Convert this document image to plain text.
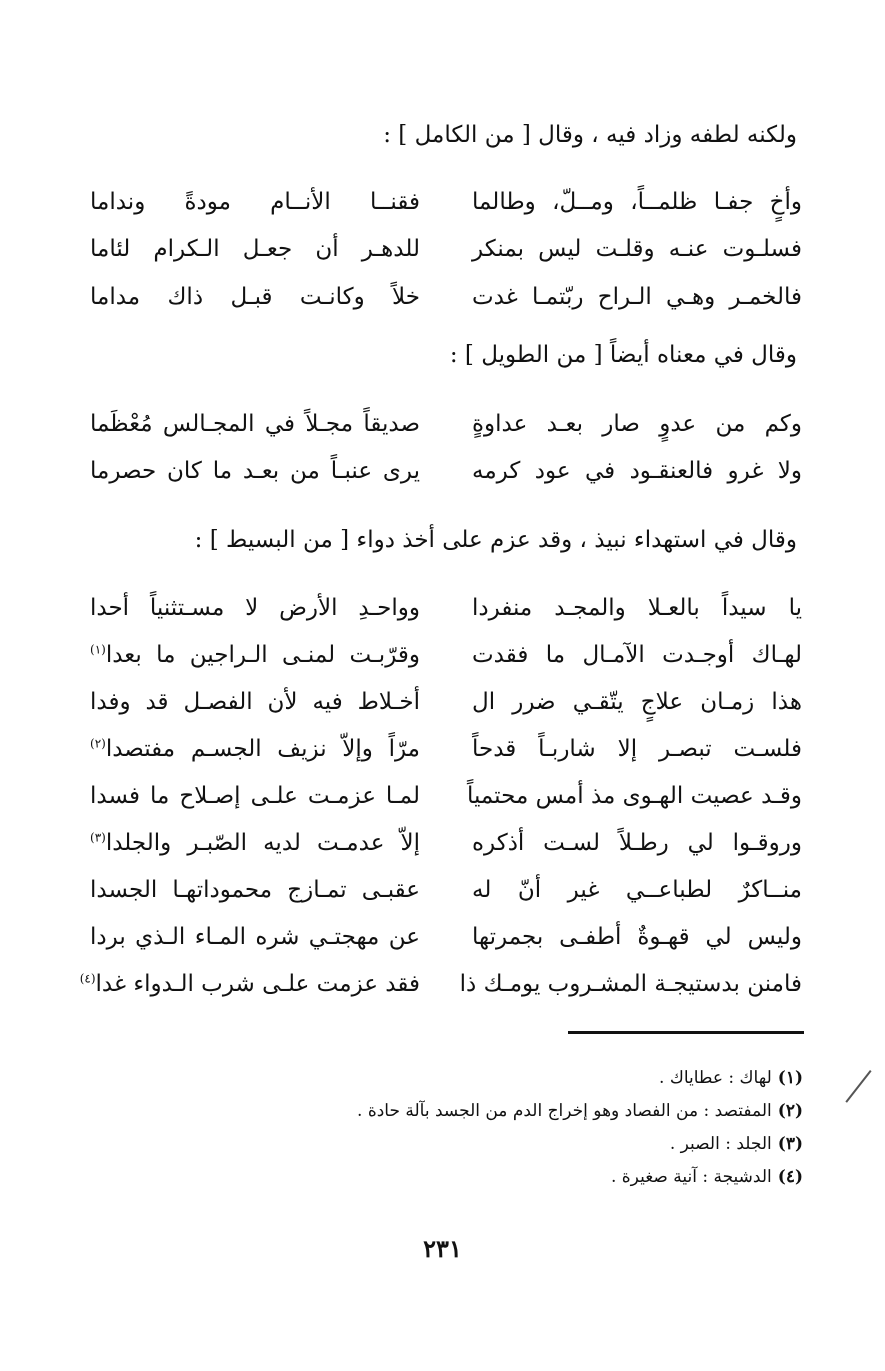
ولكنه لطفه وزاد فيه ، وقال [ من الكامل ] :
وأخٍ جفـا ظلمــاً، ومــلّ، وطالما
فقنــا الأنــام مودةً ونداما
فسلـوت عنـه وقلـت ليس بمنكر
للدهـر أن جعـل الـكرام لئاما
فالخمـر وهـي الـراح ربّتمـا غدت
خلاً وكانـت قبـل ذاك مداما
وقال في معناه أيضاً [ من الطويل ] :
وكم من عدوٍ صار بعـد عداوةٍ
صديقاً مجـلاً في المجـالس مُعْظَما
ولا غرو فالعنقـود في عود كرمه
يرى عنبـاً من بعـد ما كان حصرما
وقال في استهداء نبيذ ، وقد عزم على أخذ دواء [ من البسيط ] :
يا سيداً بالعـلا والمجـد منفردا
وواحـدِ الأرض لا مسـتثنياً أحدا
لهـاك أوجـدت الآمـال ما فقدت
وقرّبـت لمنـى الـراجين ما بعدا$^{(١)}$
هذا زمـان علاجٍ يتّقـي ضرر ال
أخـلاط فيه لأن الفصـل قد وفدا
فلسـت تبصـر إلا شاربـاً قدحاً
مرّاً وإلاّ نزيف الجسـم مفتصدا$^{(٢)}$
وقـد عصيت الهـوى مذ أمس محتمياً
لمـا عزمـت علـى إصـلاح ما فسدا
وروقـوا لي رطـلاً لسـت أذكره
إلاّ عدمـت لديه الصّبـر والجلدا$^{(٣)}$
منــاكرٌ لطباعــي غير أنّ له
عقبـى تمـازج محموداتهـا الجسدا
وليس لي قهـوةٌ أطفـى بجمرتها
عن مهجتـي شره المـاء الـذي بردا
فامنن بدستيجـة المشـروب يومـك ذا
فقد عزمت علـى شرب الـدواء غدا$^{(٤)}$
(١)لهاك : عطاياك .
(٢)المفتصد : من الفصاد وهو إخراج الدم من الجسد بآلة حادة .
(٣)الجلد : الصبر .
(٤)الدشيجة : آنية صغيرة .
٢٣١
